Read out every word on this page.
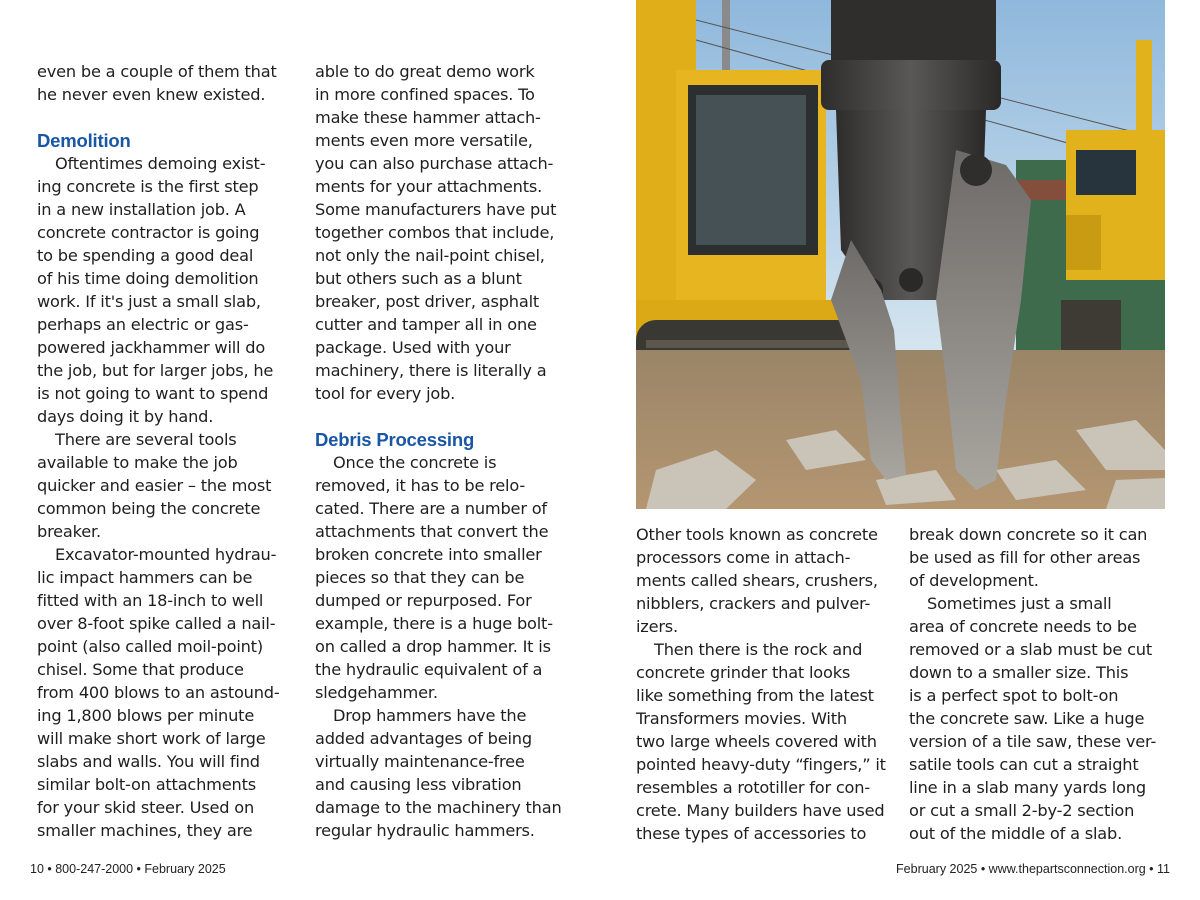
even be a couple of them that

he never even knew existed.

Demolition

Oftentimes demoing exist-

ing concrete is the first step

in a new installation job. A

concrete contractor is going

to be spending a good deal

of his time doing demolition

work. If it's just a small slab,

perhaps an electric or gas-

powered jackhammer will do

the job, but for larger jobs, he

is not going to want to spend

days doing it by hand.

There are several tools

available to make the job

quicker and easier – the most

common being the concrete

breaker.

Excavator-mounted hydrau-

lic impact hammers can be

fitted with an 18-inch to well

over 8-foot spike called a nail-

point (also called moil-point)

chisel. Some that produce

from 400 blows to an astound-

ing 1,800 blows per minute

will make short work of large

slabs and walls. You will find

similar bolt-on attachments

for your skid steer. Used on

smaller machines, they are

able to do great demo work

in more confined spaces. To

make these hammer attach-

ments even more versatile,

you can also purchase attach-

ments for your attachments.

Some manufacturers have put

together combos that include,

not only the nail-point chisel,

but others such as a blunt

breaker, post driver, asphalt

cutter and tamper all in one

package. Used with your

machinery, there is literally a

tool for every job.

Debris Processing

Once the concrete is

removed, it has to be relo-

cated. There are a number of

attachments that convert the

broken concrete into smaller

pieces so that they can be

dumped or repurposed. For

example, there is a huge bolt-

on called a drop hammer. It is

the hydraulic equivalent of a

sledgehammer.

Drop hammers have the

added advantages of being

virtually maintenance-free

and causing less vibration

damage to the machinery than

regular hydraulic hammers.

Other tools known as concrete

processors come in attach-

ments called shears, crushers,

nibblers, crackers and pulver-

izers.

Then there is the rock and

concrete grinder that looks

like something from the latest

Transformers movies. With

two large wheels covered with

pointed heavy-duty “fingers,” it

resembles a rototiller for con-

crete. Many builders have used

these types of accessories to

break down concrete so it can

be used as fill for other areas

of development.

Sometimes just a small

area of concrete needs to be

removed or a slab must be cut

down to a smaller size. This

is a perfect spot to bolt-on

the concrete saw. Like a huge

version of a tile saw, these ver-

satile tools can cut a straight

line in a slab many yards long

or cut a small 2-by-2 section

out of the middle of a slab.

10 • 800-247-2000 • February 2025	February 2025 • www.thepartsconnection.org • 11
